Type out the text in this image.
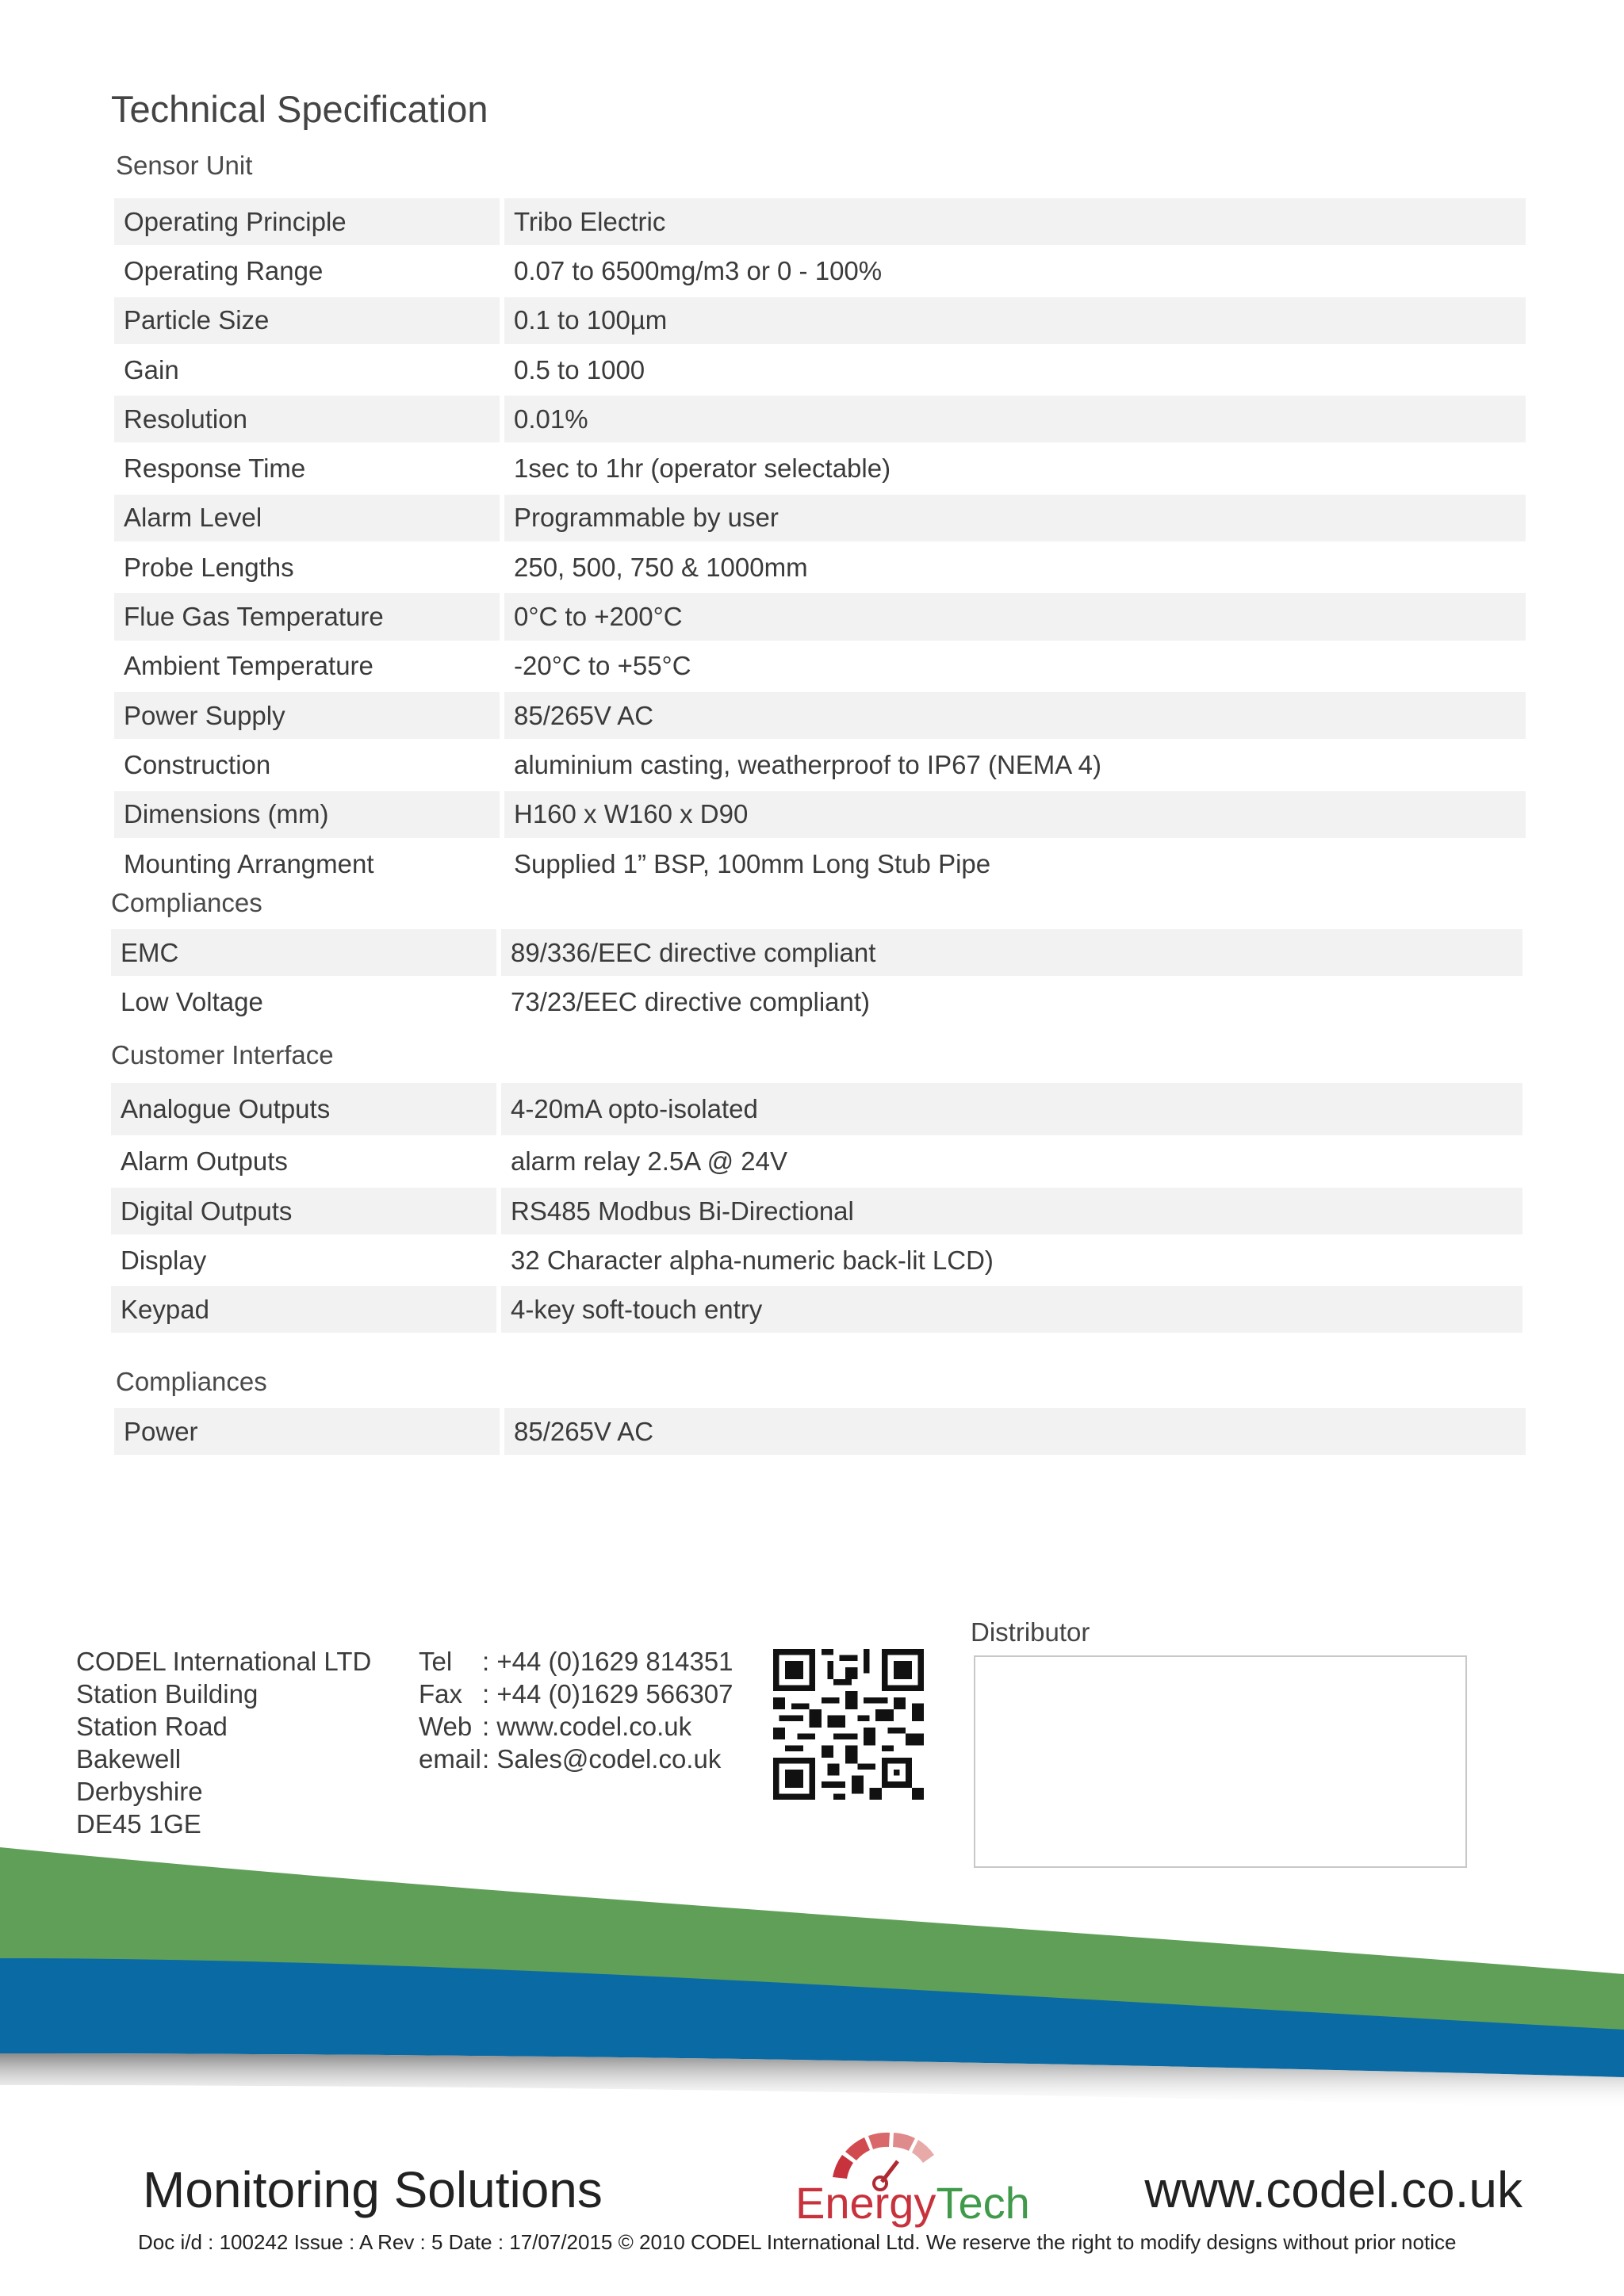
Technical Specification
Sensor Unit
Operating Principle	Tribo Electric
Operating Range	0.07 to 6500mg/m3 or 0 - 100%
Particle Size	0.1 to 100µm
Gain	0.5 to 1000
Resolution	0.01%
Response Time	1sec to 1hr (operator selectable)
Alarm Level	Programmable by user
Probe Lengths	250, 500, 750 & 1000mm
Flue Gas Temperature	0°C to +200°C
Ambient Temperature	-20°C to +55°C
Power Supply	85/265V AC
Construction	aluminium casting, weatherproof to IP67 (NEMA 4)
Dimensions (mm)	H160 x W160 x D90
Mounting Arrangment	Supplied 1” BSP, 100mm Long Stub Pipe
Compliances
EMC	89/336/EEC directive compliant
Low Voltage	73/23/EEC directive compliant)
Customer Interface
Analogue Outputs	4-20mA opto-isolated
Alarm Outputs	alarm relay 2.5A @ 24V
Digital Outputs	RS485 Modbus Bi-Directional
Display	32 Character alpha-numeric back-lit LCD)
Keypad	4-key soft-touch entry
Compliances
Power	85/265V AC
CODEL International LTD
Station Building
Station Road
Bakewell
Derbyshire
DE45 1GE
Tel	: +44 (0)1629 814351
Fax : +44 (0)1629 566307
Web : www.codel.co.uk
email : Sales@codel.co.uk
Distributor
Monitoring Solutions	EnergyTech www.codel.co.uk
Doc i/d : 100242 Issue : A Rev : 5 Date : 17/07/2015 © 2010 CODEL International Ltd. We reserve the right to modify designs without prior notice
